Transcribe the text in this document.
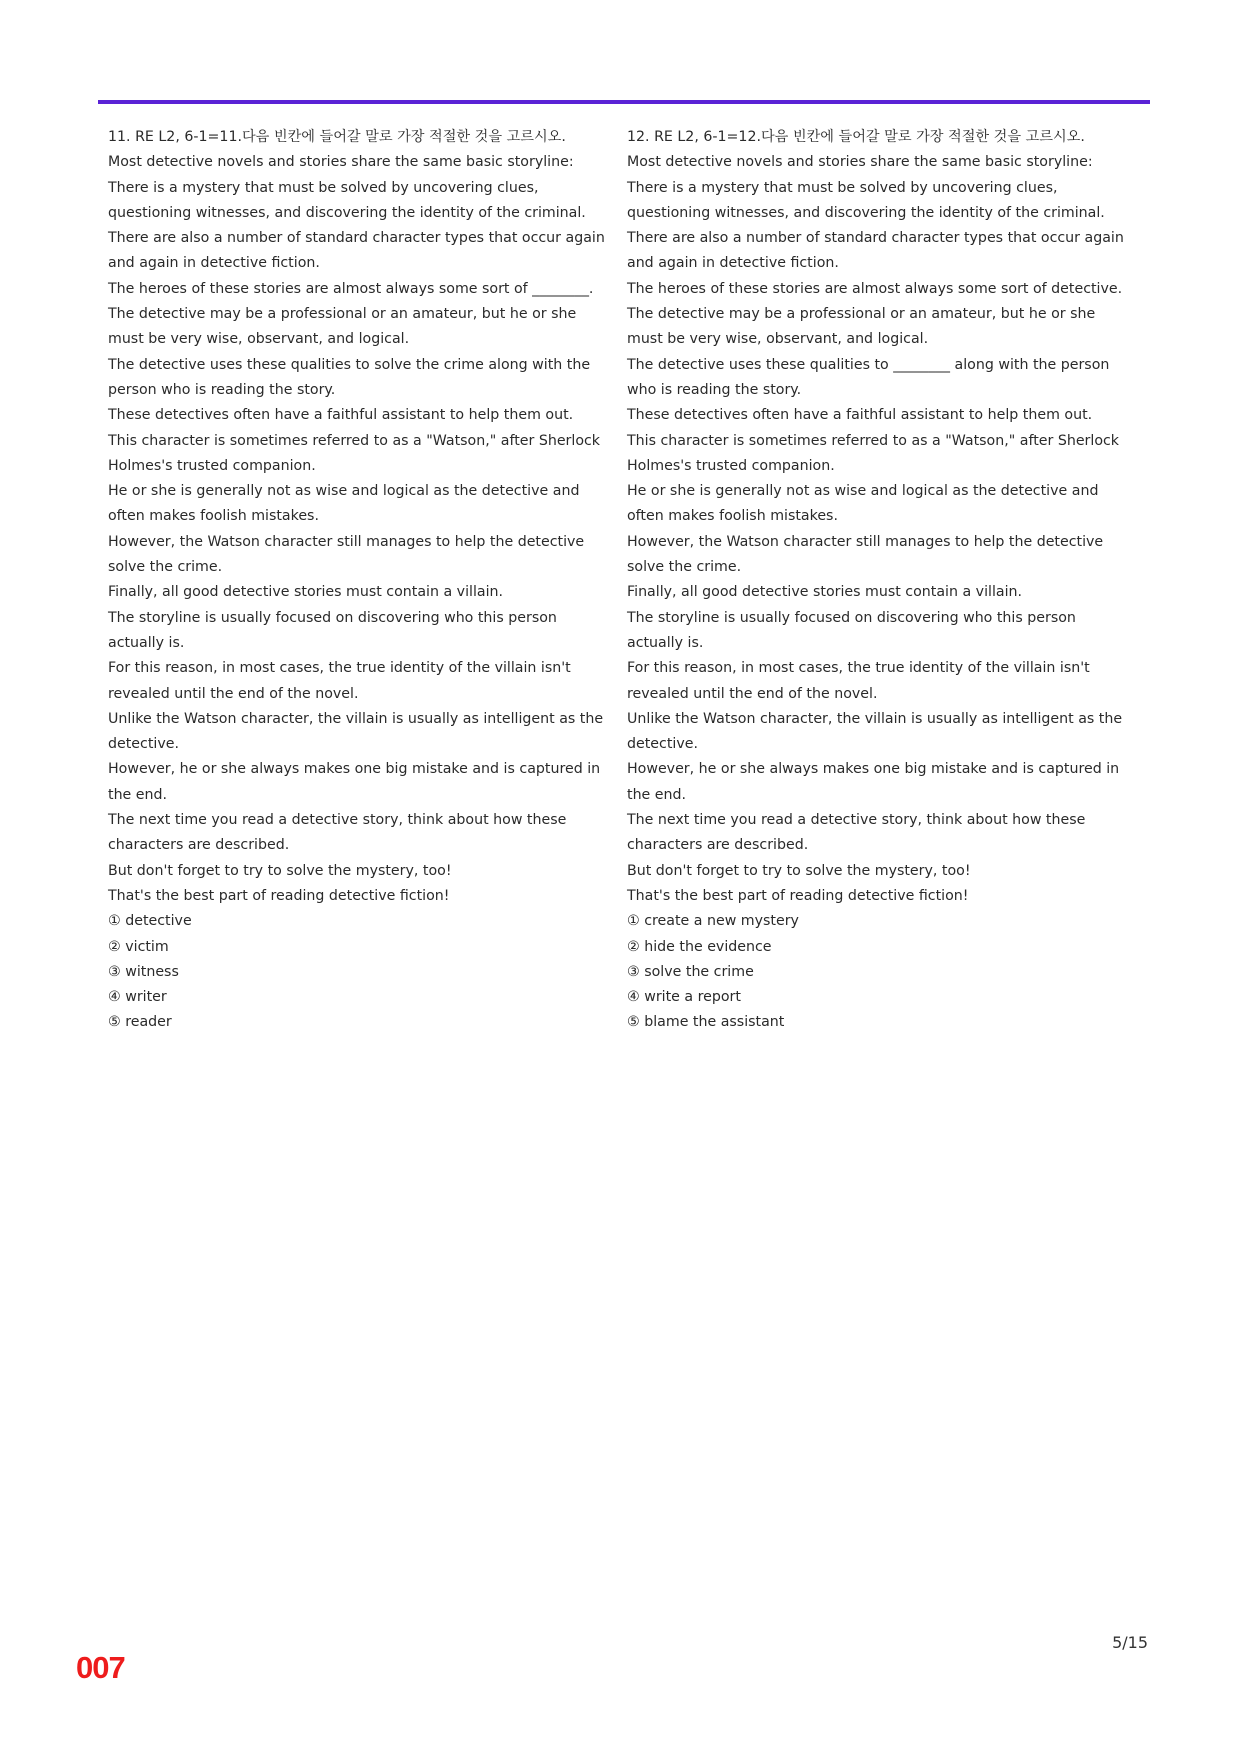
11. RE L2, 6-1=11.다음 빈칸에 들어갈 말로 가장 적절한 것을 고르시오.

Most detective novels and stories share the same basic storyline:

There is a mystery that must be solved by uncovering clues, questioning witnesses, and discovering the identity of the criminal.

There are also a number of standard character types that occur again and again in detective fiction.

The heroes of these stories are almost always some sort of ________.

The detective may be a professional or an amateur, but he or she must be very wise, observant, and logical.

The detective uses these qualities to solve the crime along with the person who is reading the story.

These detectives often have a faithful assistant to help them out.

This character is sometimes referred to as a "Watson," after Sherlock Holmes's trusted companion.

He or she is generally not as wise and logical as the detective and often makes foolish mistakes.

However, the Watson character still manages to help the detective solve the crime.

Finally, all good detective stories must contain a villain.

The storyline is usually focused on discovering who this person actually is.

For this reason, in most cases, the true identity of the villain isn't revealed until the end of the novel.

Unlike the Watson character, the villain is usually as intelligent as the detective.

However, he or she always makes one big mistake and is captured in the end.

The next time you read a detective story, think about how these characters are described.

But don't forget to try to solve the mystery, too!

That's the best part of reading detective fiction!

① detective

② victim

③ witness

④ writer

⑤ reader

12. RE L2, 6-1=12.다음 빈칸에 들어갈 말로 가장 적절한 것을 고르시오.

Most detective novels and stories share the same basic storyline:

There is a mystery that must be solved by uncovering clues, questioning witnesses, and discovering the identity of the criminal.

There are also a number of standard character types that occur again and again in detective fiction.

The heroes of these stories are almost always some sort of detective.

The detective may be a professional or an amateur, but he or she must be very wise, observant, and logical.

The detective uses these qualities to ________ along with the person who is reading the story.

These detectives often have a faithful assistant to help them out.

This character is sometimes referred to as a "Watson," after Sherlock Holmes's trusted companion.

He or she is generally not as wise and logical as the detective and often makes foolish mistakes.

However, the Watson character still manages to help the detective solve the crime.

Finally, all good detective stories must contain a villain.

The storyline is usually focused on discovering who this person actually is.

For this reason, in most cases, the true identity of the villain isn't revealed until the end of the novel.

Unlike the Watson character, the villain is usually as intelligent as the detective.

However, he or she always makes one big mistake and is captured in the end.

The next time you read a detective story, think about how these characters are described.

But don't forget to try to solve the mystery, too!

That's the best part of reading detective fiction!

① create a new mystery

② hide the evidence

③ solve the crime

④ write a report

⑤ blame the assistant

5/15
007
